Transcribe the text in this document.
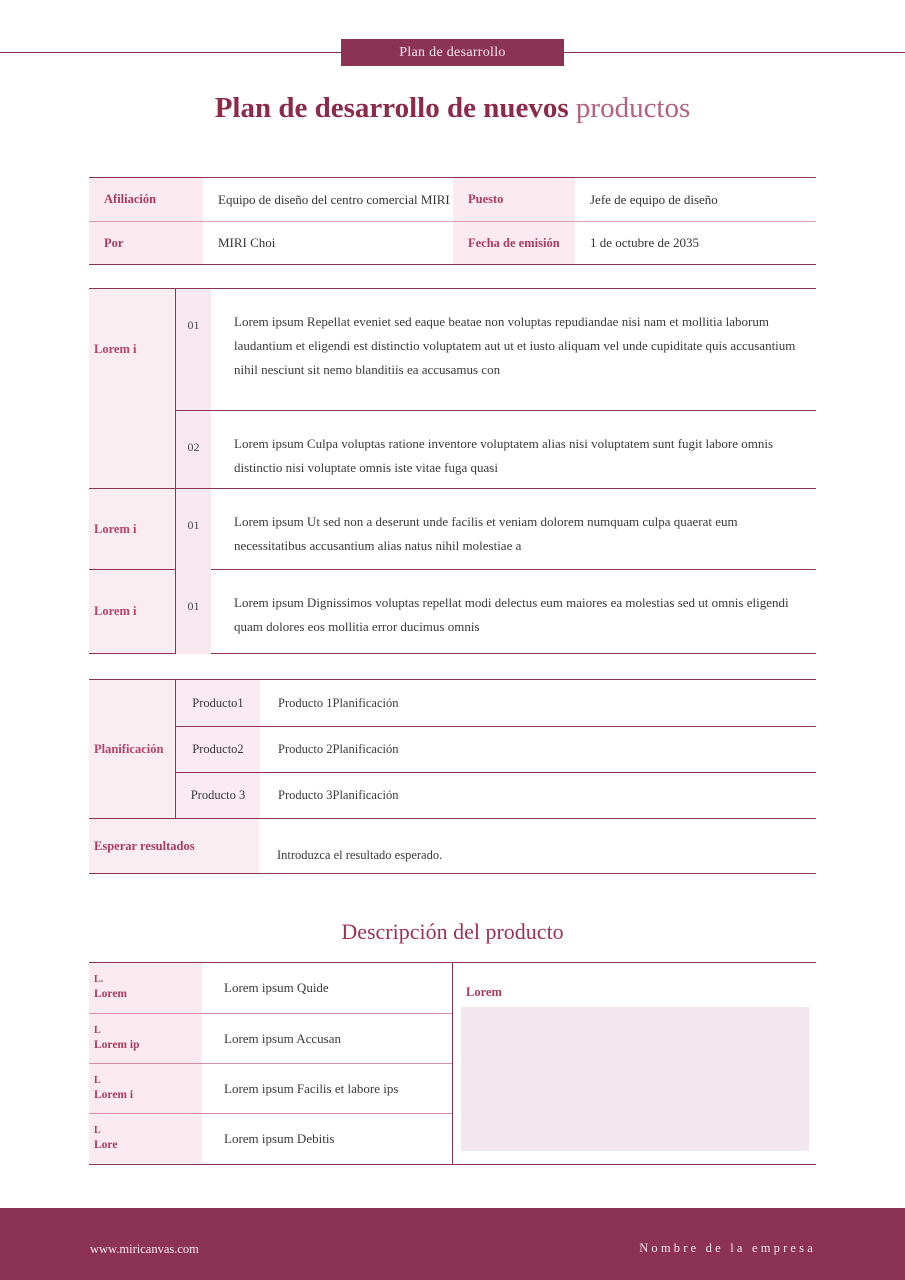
Plan de desarrollo
Plan de desarrollo de nuevos productos
Afiliación	Equipo de diseño del centro comercial MIRI	Puesto	Jefe de equipo de diseño
Por	MIRI Choi	Fecha de emisión	1 de octubre de 2035
Lorem i
01	Lorem ipsum Repellat eveniet sed eaque beatae non voluptas repudiandae nisi nam et mollitia laborum laudantium et eligendi est distinctio voluptatem aut ut et iusto aliquam vel unde cupiditate quis accusantium nihil nesciunt sit nemo blanditiis ea accusamus con
02	Lorem ipsum Culpa voluptas ratione inventore voluptatem alias nisi voluptatem sunt fugit labore omnis distinctio nisi voluptate omnis iste vitae fuga quasi
Lorem i	01	Lorem ipsum Ut sed non a deserunt unde facilis et veniam dolorem numquam culpa quaerat eum necessitatibus accusantium alias natus nihil molestiae a
Lorem i	01	Lorem ipsum Dignissimos voluptas repellat modi delectus eum maiores ea molestias sed ut omnis eligendi quam dolores eos mollitia error ducimus omnis
Planificación
Producto1	Producto 1Planificación
Producto2	Producto 2Planificación
Producto 3	Producto 3Planificación
Esperar resultados
Introduzca el resultado esperado.
Descripción del producto
L.
Lorem	Lorem ipsum Quide
L
Lorem ip	Lorem ipsum Accusan
L
Lorem i	Lorem ipsum Facilis et labore ips
L
Lore	Lorem ipsum Debitis
Lorem
www.miricanvas.com	Nombre de la empresa
